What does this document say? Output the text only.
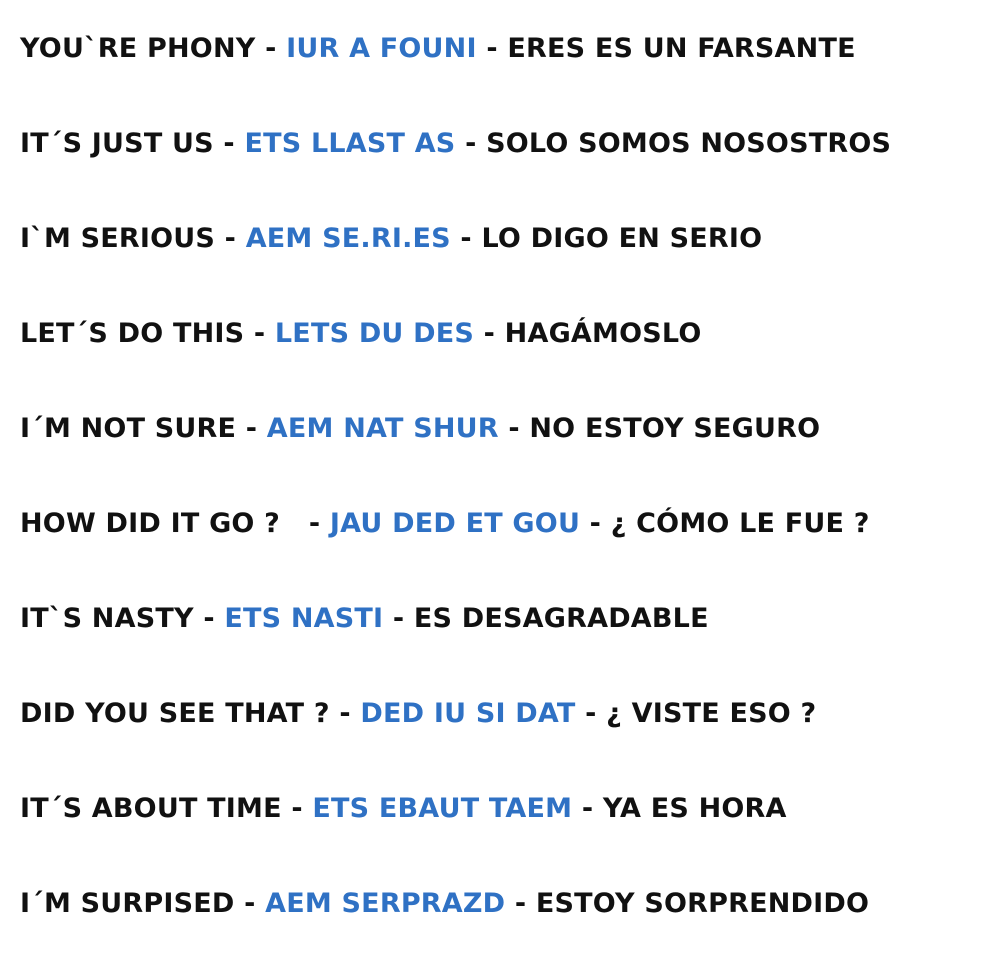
YOU`RE PHONY - IUR A FOUNI - ERES ES UN FARSANTE
IT´S JUST US - ETS LLAST AS - SOLO SOMOS NOSOSTROS
I`M SERIOUS - AEM SE.RI.ES - LO DIGO EN SERIO
LET´S DO THIS - LETS DU DES - HAGÁMOSLO
I´M NOT SURE - AEM NAT SHUR - NO ESTOY SEGURO
HOW DID IT GO ?   - JAU DED ET GOU - ¿ CÓMO LE FUE ?
IT`S NASTY - ETS NASTI - ES DESAGRADABLE
DID YOU SEE THAT ? - DED IU SI DAT - ¿ VISTE ESO ?
IT´S ABOUT TIME - ETS EBAUT TAEM - YA ES HORA
I´M SURPISED - AEM SERPRAZD - ESTOY SORPRENDIDO
